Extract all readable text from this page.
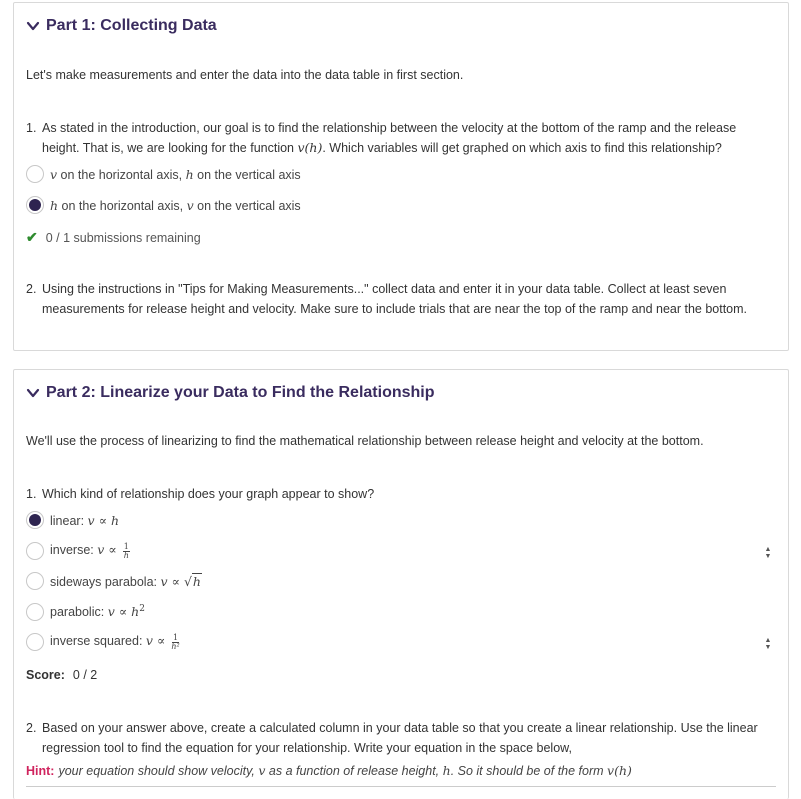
Part 1: Collecting Data
Let's make measurements and enter the data into the data table in first section.
1. As stated in the introduction, our goal is to find the relationship between the velocity at the bottom of the ramp and the release
height. That is, we are looking for the function v(h). Which variables will get graphed on which axis to find this relationship?
v on the horizontal axis, h on the vertical axis
h on the horizontal axis, v on the vertical axis
✔ 0 / 1 submissions remaining
2. Using the instructions in "Tips for Making Measurements..." collect data and enter it in your data table. Collect at least seven
measurements for release height and velocity. Make sure to include trials that are near the top of the ramp and near the bottom.
Part 2: Linearize your Data to Find the Relationship
We'll use the process of linearizing to find the mathematical relationship between release height and velocity at the bottom.
1. Which kind of relationship does your graph appear to show?
linear: v ∝ h
inverse: $v \propto \frac{1}{h}$	▲
▼
sideways parabola: v ∝ √h
parabolic: $v \propto h^2$
inverse squared: $v \propto \frac{1}{\text{h²}}$	▲
▼
Score: 0 / 2
2. Based on your answer above, create a calculated column in your data table so that you create a linear relationship. Use the linear
regression tool to find the equation for your relationship. Write your equation in the space below,
Hint: your equation should show velocity, v as a function of release height, h. So it should be of the form v(h)
